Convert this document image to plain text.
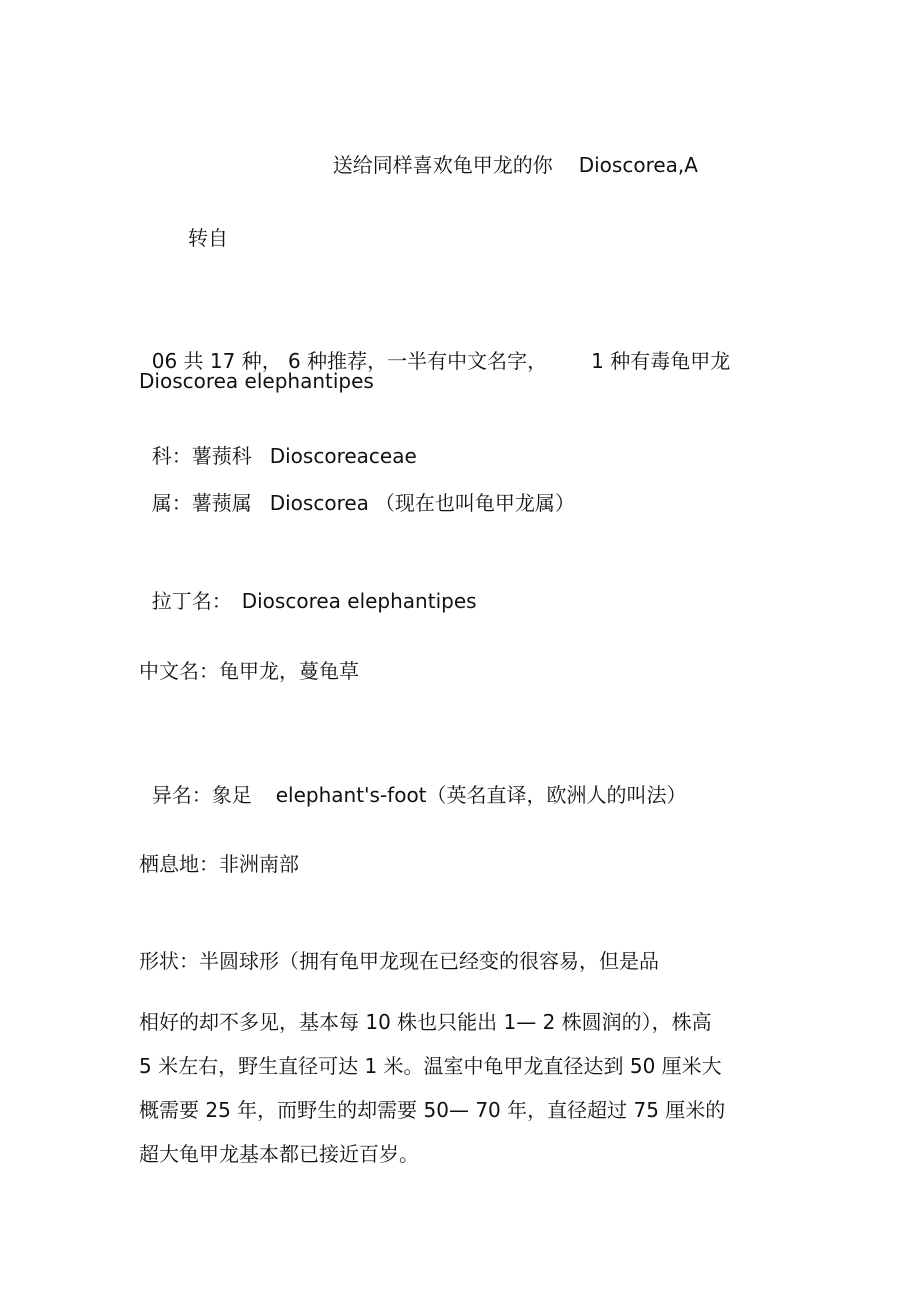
送给同样喜欢龟甲龙的你 Dioscorea,A

转自

06 共 17 种， 6 种推荐，一半有中文名字， 1 种有毒龟甲龙

Dioscorea elephantipes

科：薯蓣科 Dioscoreaceae

属：薯蓣属 Dioscorea （现在也叫龟甲龙属）

拉丁名： Dioscorea elephantipes

中文名：龟甲龙，蔓龟草

异名：象足 elephant's-foot（英名直译，欧洲人的叫法）

栖息地：非洲南部
形状：半圆球形（拥有龟甲龙现在已经变的很容易，但是品
相好的却不多见，基本每 10 株也只能出 1— 2 株圆润的），株高
5 米左右，野生直径可达 1 米。温室中龟甲龙直径达到 50 厘米大
概需要 25 年，而野生的却需要 50— 70 年，直径超过 75 厘米的
超大龟甲龙基本都已接近百岁。
